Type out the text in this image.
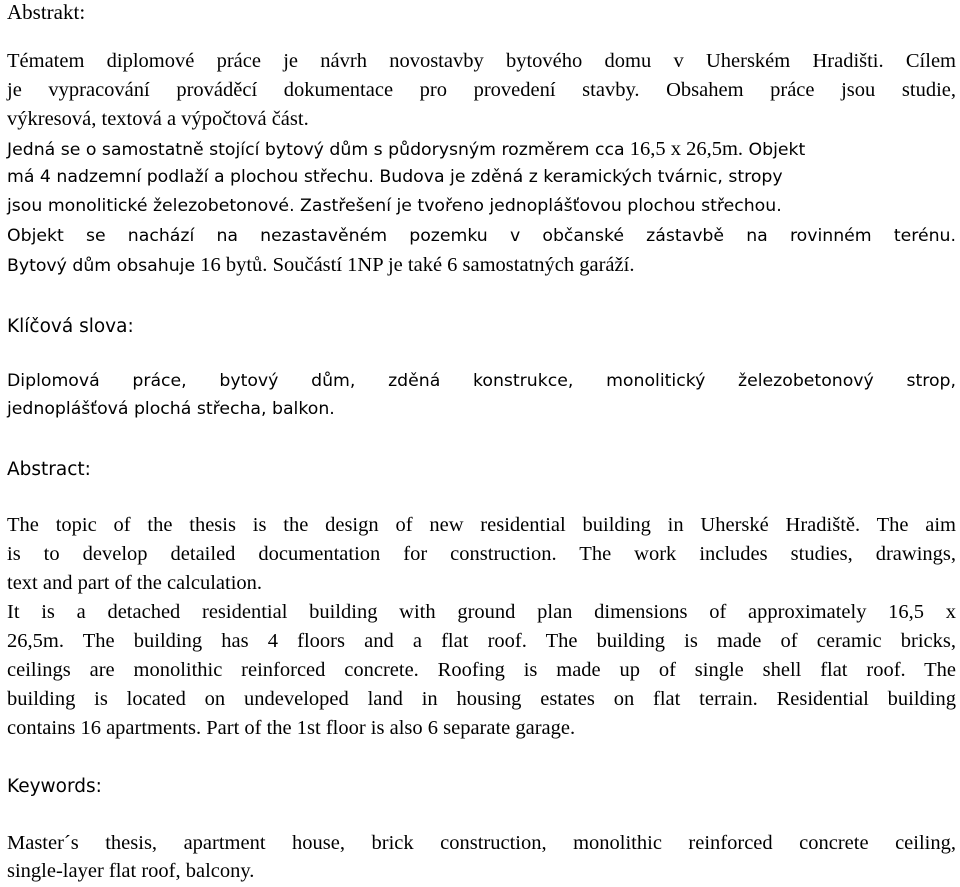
Abstrakt:
Tématem diplomové práce je návrh novostavby bytového domu v Uherském Hradišti. Cílem
je vypracování prováděcí dokumentace pro provedení stavby. Obsahem práce jsou studie,
výkresová, textová a výpočtová část.
Jedná se o samostatně stojící bytový dům s půdorysným rozměrem cca 16,5 x 26,5m. Objekt
má 4 nadzemní podlaží a plochou střechu. Budova je zděná z keramických tvárnic, stropy
jsou monolitické železobetonové. Zastřešení je tvořeno jednoplášťovou plochou střechou.
Objekt se nachází na nezastavěném pozemku v občanské zástavbě na rovinném terénu.
Bytový dům obsahuje 16 bytů. Součástí 1NP je také 6 samostatných garáží.
Klíčová slova:
Diplomová práce, bytový dům, zděná konstrukce, monolitický železobetonový strop,
jednoplášťová plochá střecha, balkon.
Abstract:
The topic of the thesis is the design of new residential building in Uherské Hradiště. The aim
is to develop detailed documentation for construction. The work includes studies, drawings,
text and part of the calculation.
It is a detached residential building with ground plan dimensions of approximately 16,5 x
26,5m. The building has 4 floors and a flat roof. The building is made of ceramic bricks,
ceilings are monolithic reinforced concrete. Roofing is made up of single shell flat roof. The
building is located on undeveloped land in housing estates on flat terrain. Residential building
contains 16 apartments. Part of the 1st floor is also 6 separate garage.
Keywords:
Master´s thesis, apartment house, brick construction, monolithic reinforced concrete ceiling,
single-layer flat roof, balcony.
